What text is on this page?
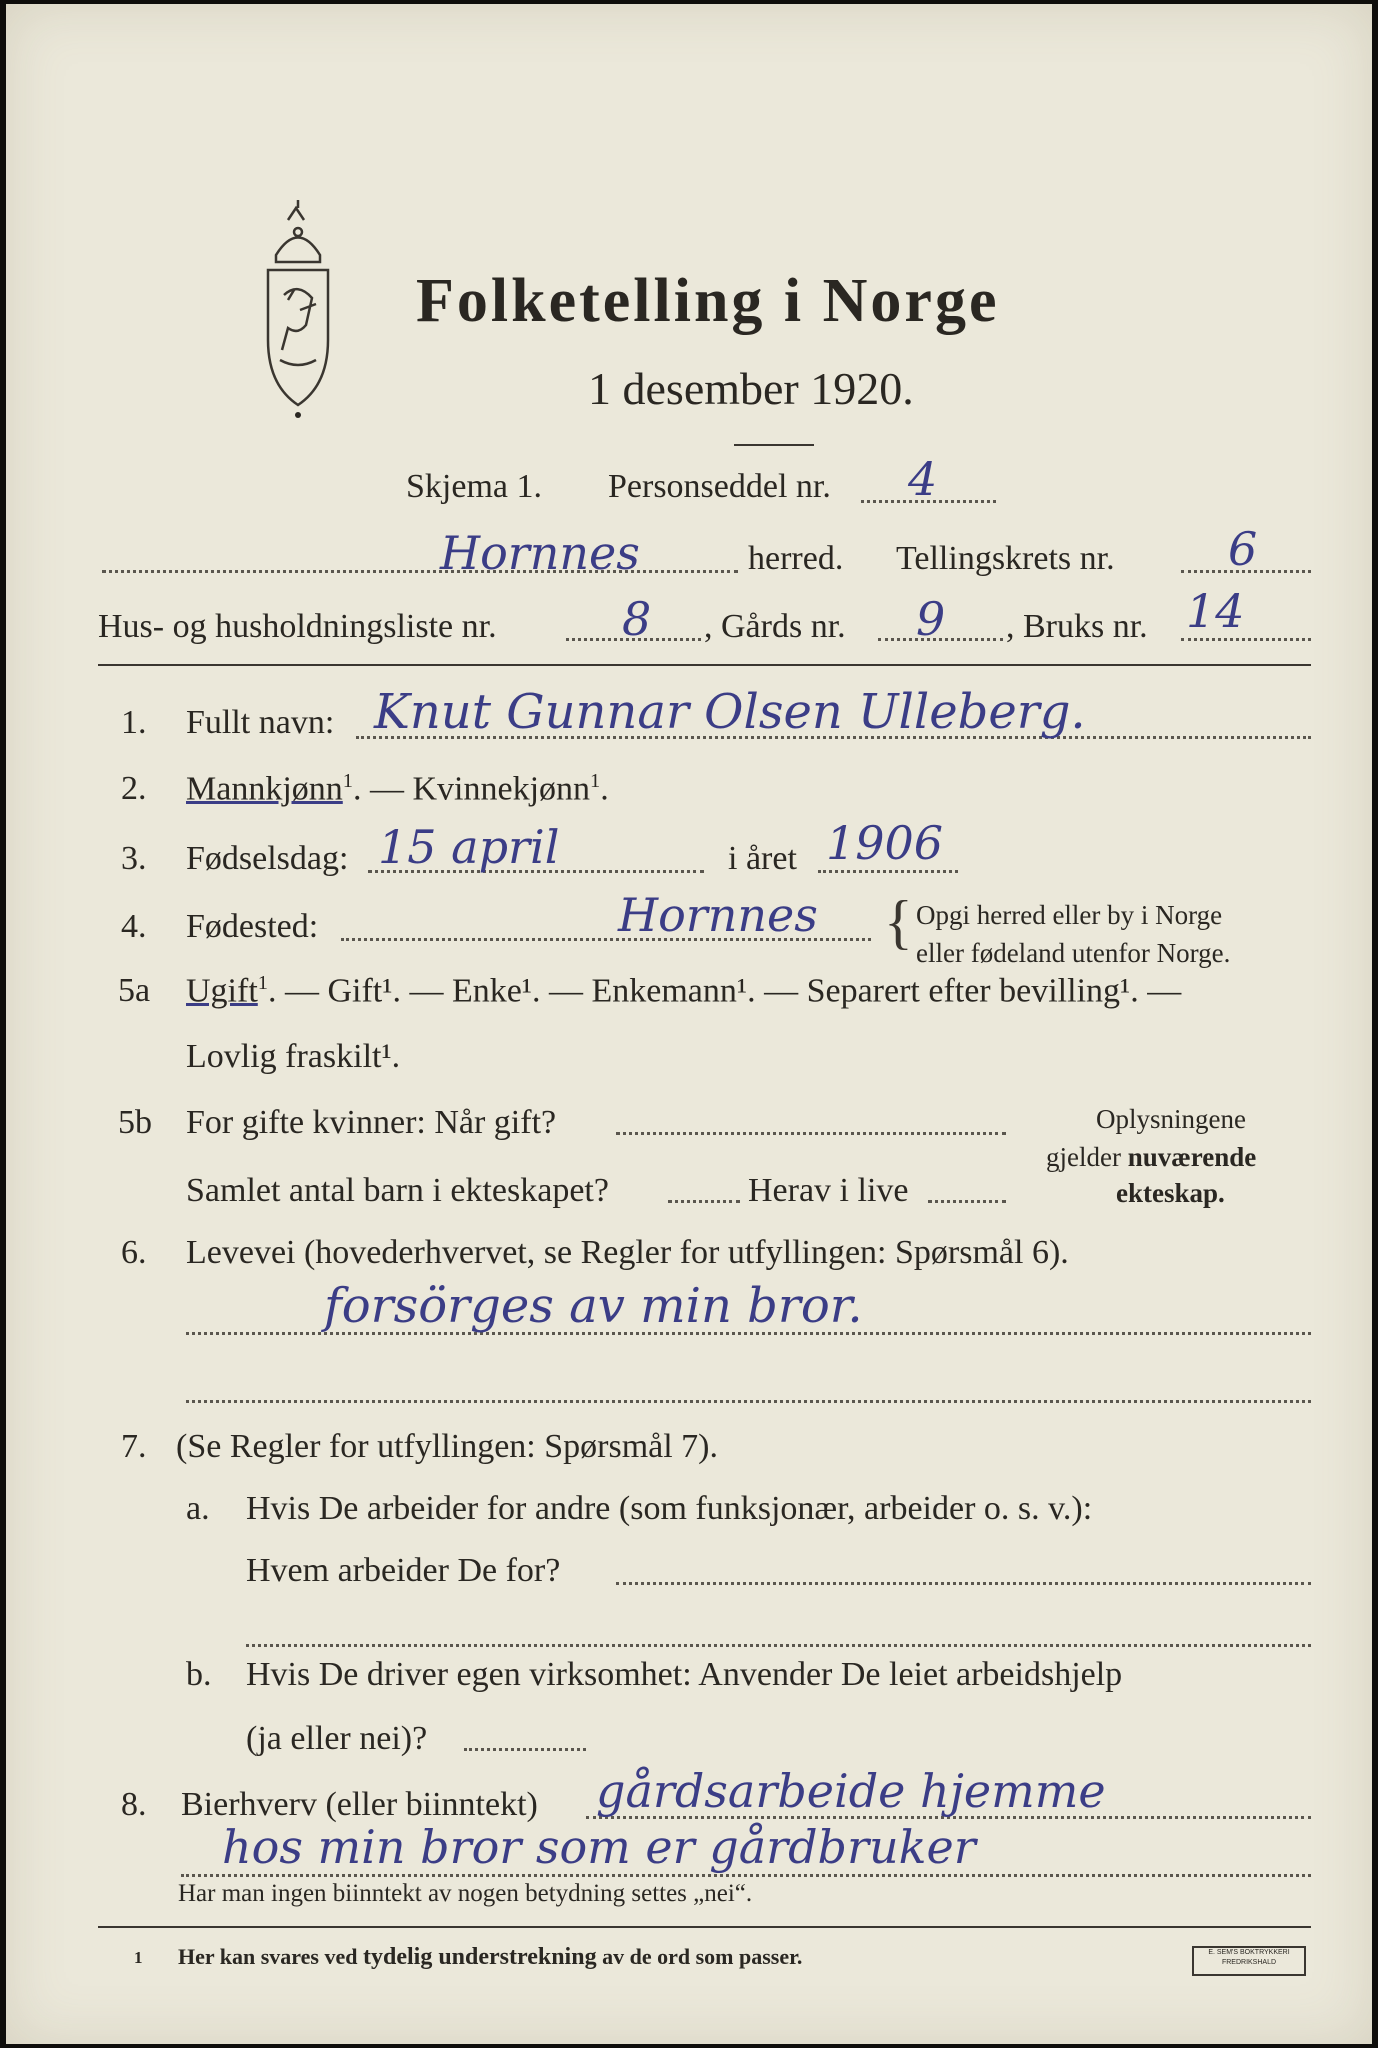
Folketelling i Norge
1 desember 1920.
Skjema 1. Personseddel nr. 4
Hornnes	herred. Tellingskrets nr. 6
Hus- og husholdningsliste nr.	8 , Gårds nr. 9 , Bruks nr. 14
1. Fullt navn: Knut Gunnar Olsen Ulleberg.
2. Mannkjønn$^1$. — Kvinnekjønn$^1$.
3. Fødselsdag: 15 april	i året 1906
4. Fødested:	Hornnes { Opgi herred eller by i Norge
eller fødeland utenfor Norge.
5a Ugift$^1$. — Gift¹. — Enke¹. — Enkemann¹. — Separert efter bevilling¹. —
Lovlig fraskilt¹.
5b For gifte kvinner: Når gift?
Samlet antal barn i ekteskapet?	Herav i live
Oplysningene
gjelder nuværende
ekteskap.
6. Levevei (hovederhvervet, se Regler for utfyllingen: Spørsmål 6).
forsörges av min bror.
7. (Se Regler for utfyllingen: Spørsmål 7).
a. Hvis De arbeider for andre (som funksjonær, arbeider o. s. v.):
Hvem arbeider De for?
b. Hvis De driver egen virksomhet: Anvender De leiet arbeidshjelp
(ja eller nei)?
8. Bierhverv (eller biinntekt) gårdsarbeide hjemme
hos min bror som er gårdbruker
Har man ingen biinntekt av nogen betydning settes „nei“.
1 Her kan svares ved tydelig understrekning av de ord som passer.	E. SEM'S BOKTRYKKERI FREDRIKSHALD
